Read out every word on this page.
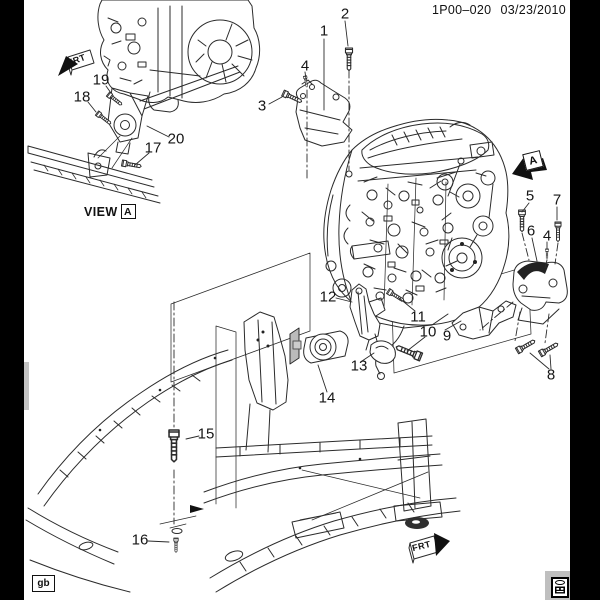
1P00–020 03/23/2010
VIEW A
A
FRT
FRT
gb
1
2
3
4
5
6
7
4
8
9
10
11
12
13
14
15
16
17
18
19
20
